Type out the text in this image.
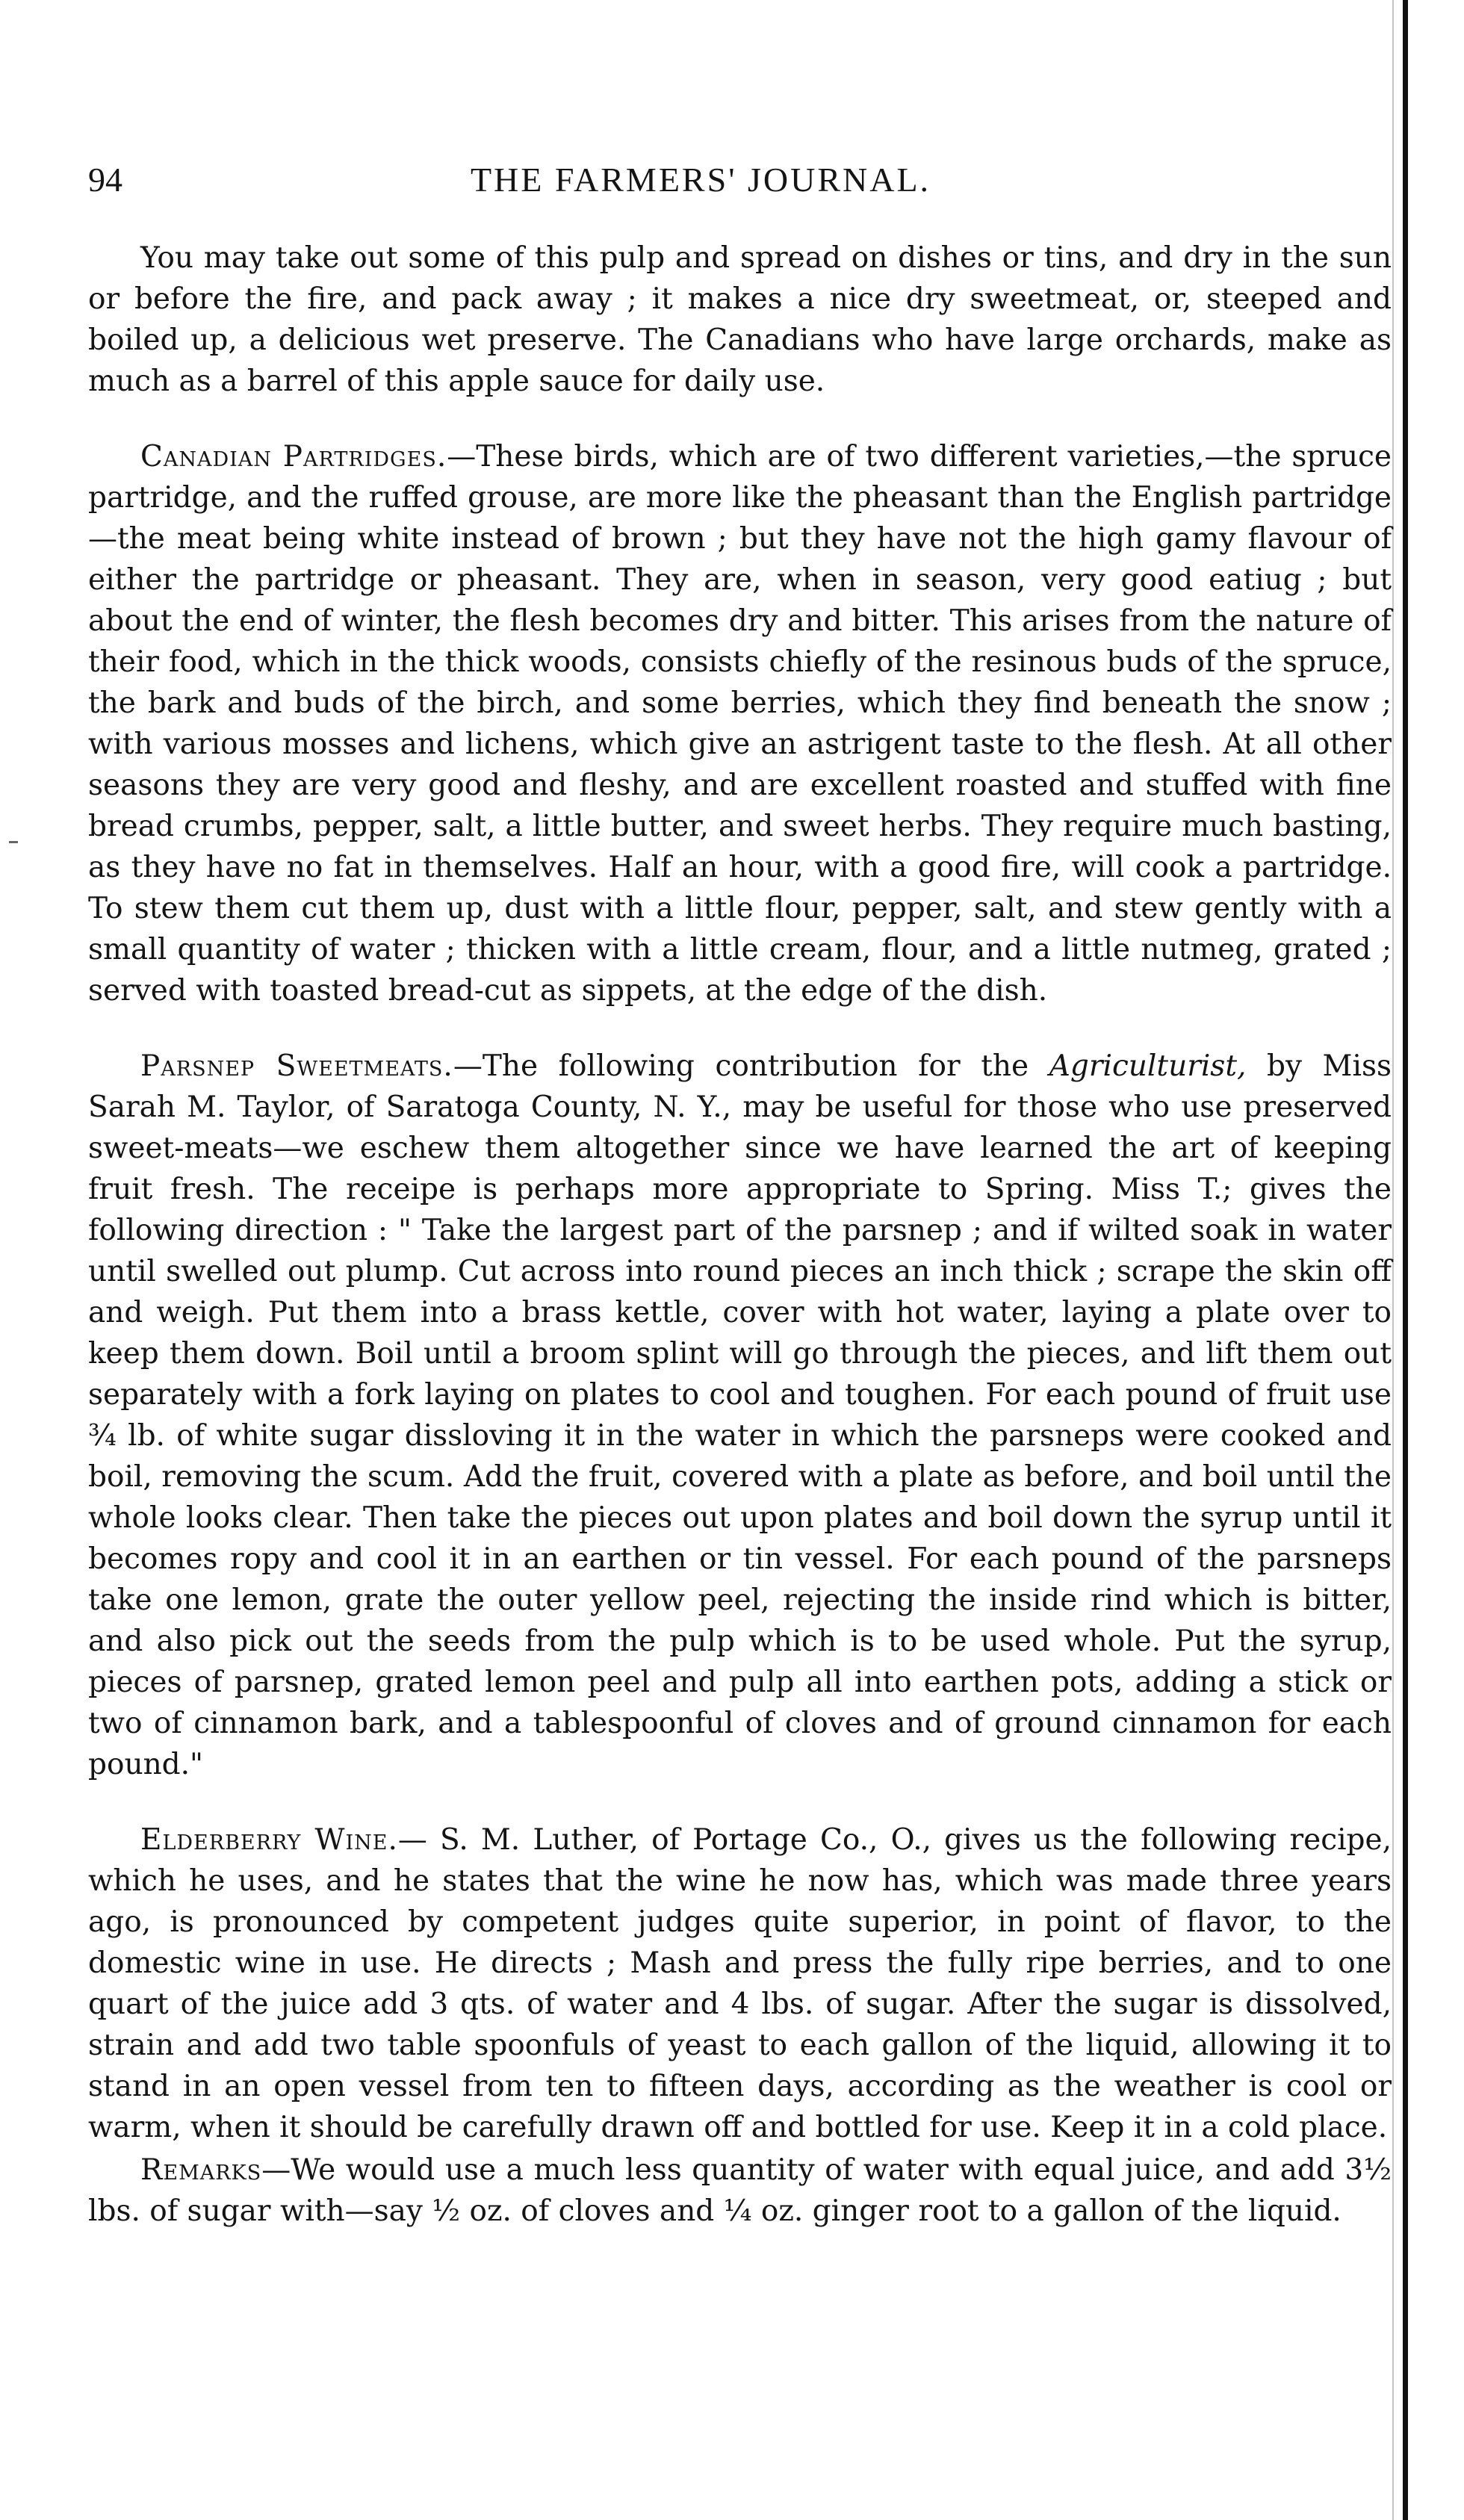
94	THE FARMERS' JOURNAL.

You may take out some of this pulp and spread on dishes or tins, and dry in the sun or before the fire, and pack away ; it makes a nice dry sweetmeat, or, steeped and boiled up, a delicious wet preserve. The Canadians who have large orchards, make as much as a barrel of this apple sauce for daily use.

Canadian Partridges.—These birds, which are of two different varieties,—the spruce partridge, and the ruffed grouse, are more like the pheasant than the English partridge—the meat being white instead of brown ; but they have not the high gamy flavour of either the partridge or pheasant. They are, when in season, very good eatiug ; but about the end of winter, the flesh becomes dry and bitter. This arises from the nature of their food, which in the thick woods, consists chiefly of the resinous buds of the spruce, the bark and buds of the birch, and some berries, which they find beneath the snow ; with various mosses and lichens, which give an astrigent taste to the flesh. At all other seasons they are very good and fleshy, and are excellent roasted and stuffed with fine bread crumbs, pepper, salt, a little butter, and sweet herbs. They require much basting, as they have no fat in themselves. Half an hour, with a good fire, will cook a partridge. To stew them cut them up, dust with a little flour, pepper, salt, and stew gently with a small quantity of water ; thicken with a little cream, flour, and a little nutmeg, grated ; served with toasted bread-cut as sippets, at the edge of the dish.

Parsnep Sweetmeats.—The following contribution for the Agriculturist, by Miss Sarah M. Taylor, of Saratoga County, N. Y., may be useful for those who use preserved sweet-meats—we eschew them altogether since we have learned the art of keeping fruit fresh. The receipe is perhaps more appropriate to Spring. Miss T.; gives the following direction : " Take the largest part of the parsnep ; and if wilted soak in water until swelled out plump. Cut across into round pieces an inch thick ; scrape the skin off and weigh. Put them into a brass kettle, cover with hot water, laying a plate over to keep them down. Boil until a broom splint will go through the pieces, and lift them out separately with a fork laying on plates to cool and toughen. For each pound of fruit use ¾ lb. of white sugar dissloving it in the water in which the parsneps were cooked and boil, removing the scum. Add the fruit, covered with a plate as before, and boil until the whole looks clear. Then take the pieces out upon plates and boil down the syrup until it becomes ropy and cool it in an earthen or tin vessel. For each pound of the parsneps take one lemon, grate the outer yellow peel, rejecting the inside rind which is bitter, and also pick out the seeds from the pulp which is to be used whole. Put the syrup, pieces of parsnep, grated lemon peel and pulp all into earthen pots, adding a stick or two of cinnamon bark, and a tablespoonful of cloves and of ground cinnamon for each pound."

Elderberry Wine.— S. M. Luther, of Portage Co., O., gives us the following recipe, which he uses, and he states that the wine he now has, which was made three years ago, is pronounced by competent judges quite superior, in point of flavor, to the domestic wine in use. He directs ; Mash and press the fully ripe berries, and to one quart of the juice add 3 qts. of water and 4 lbs. of sugar. After the sugar is dissolved, strain and add two table spoonfuls of yeast to each gallon of the liquid, allowing it to stand in an open vessel from ten to fifteen days, according as the weather is cool or warm, when it should be carefully drawn off and bottled for use. Keep it in a cold place.

Remarks—We would use a much less quantity of water with equal juice, and add 3½ lbs. of sugar with—say ½ oz. of cloves and ¼ oz. ginger root to a gallon of the liquid.
